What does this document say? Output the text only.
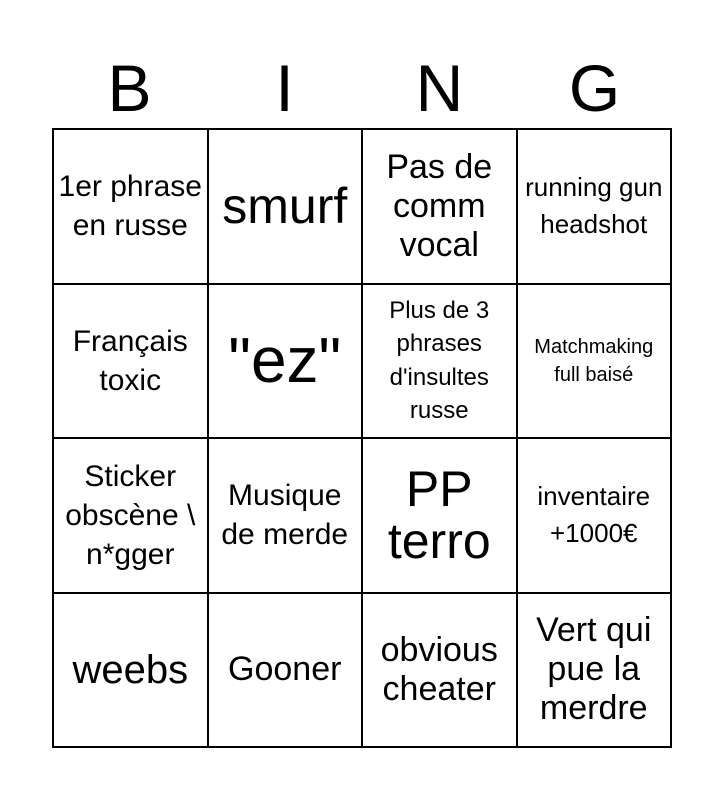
B	I	N	G
1er phrase en russe smurf
Pas de comm vocal
running gun headshot
Français toxic	"ez"
Plus de 3 phrases d'insultes russe
Matchmaking full baisé
Sticker obscène \ n*gger
Musique de merde
PP terro
inventaire +1000€
weebs	Gooner
obvious cheater
Vert qui pue la merdre
